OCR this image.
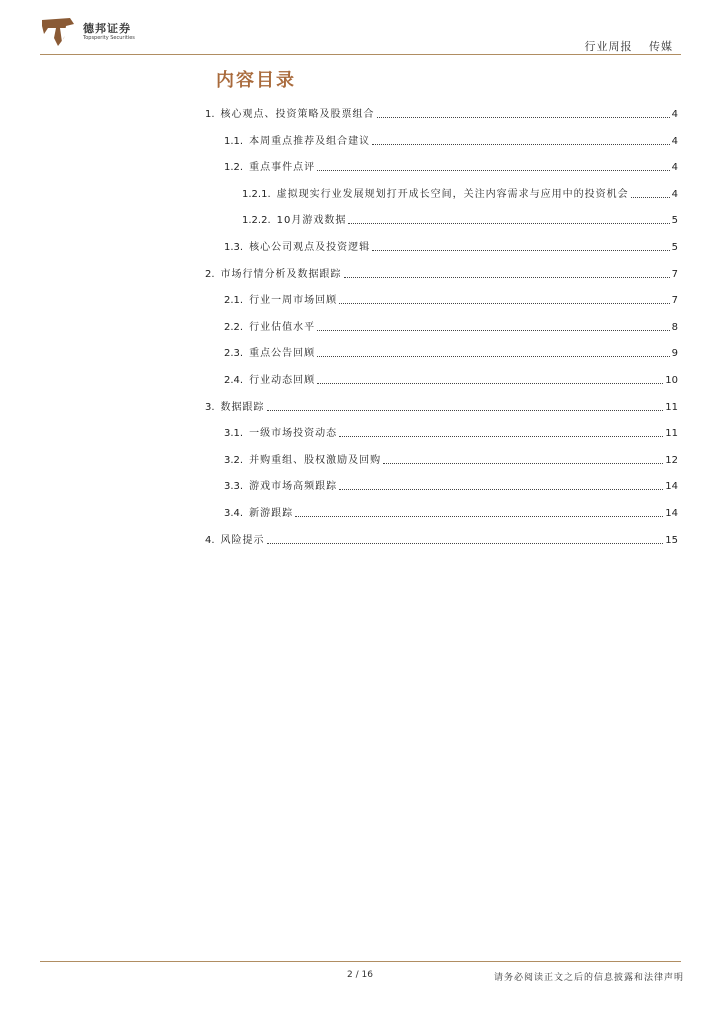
德邦证券
Topsperity Securities
行业周报 传媒
内容目录
1. 核心观点、投资策略及股票组合	4
1.1. 本周重点推荐及组合建议	4
1.2. 重点事件点评	4
1.2.1. 虚拟现实行业发展规划打开成长空间，关注内容需求与应用中的投资机会	4
1.2.2. 10月游戏数据	5
1.3. 核心公司观点及投资逻辑	5
2. 市场行情分析及数据跟踪	7
2.1. 行业一周市场回顾	7
2.2. 行业估值水平	8
2.3. 重点公告回顾	9
2.4. 行业动态回顾	10
3. 数据跟踪	11
3.1. 一级市场投资动态	11
3.2. 并购重组、股权激励及回购	12
3.3. 游戏市场高频跟踪	14
3.4. 新游跟踪	14
4. 风险提示	15
2 / 16	请务必阅读正文之后的信息披露和法律声明
